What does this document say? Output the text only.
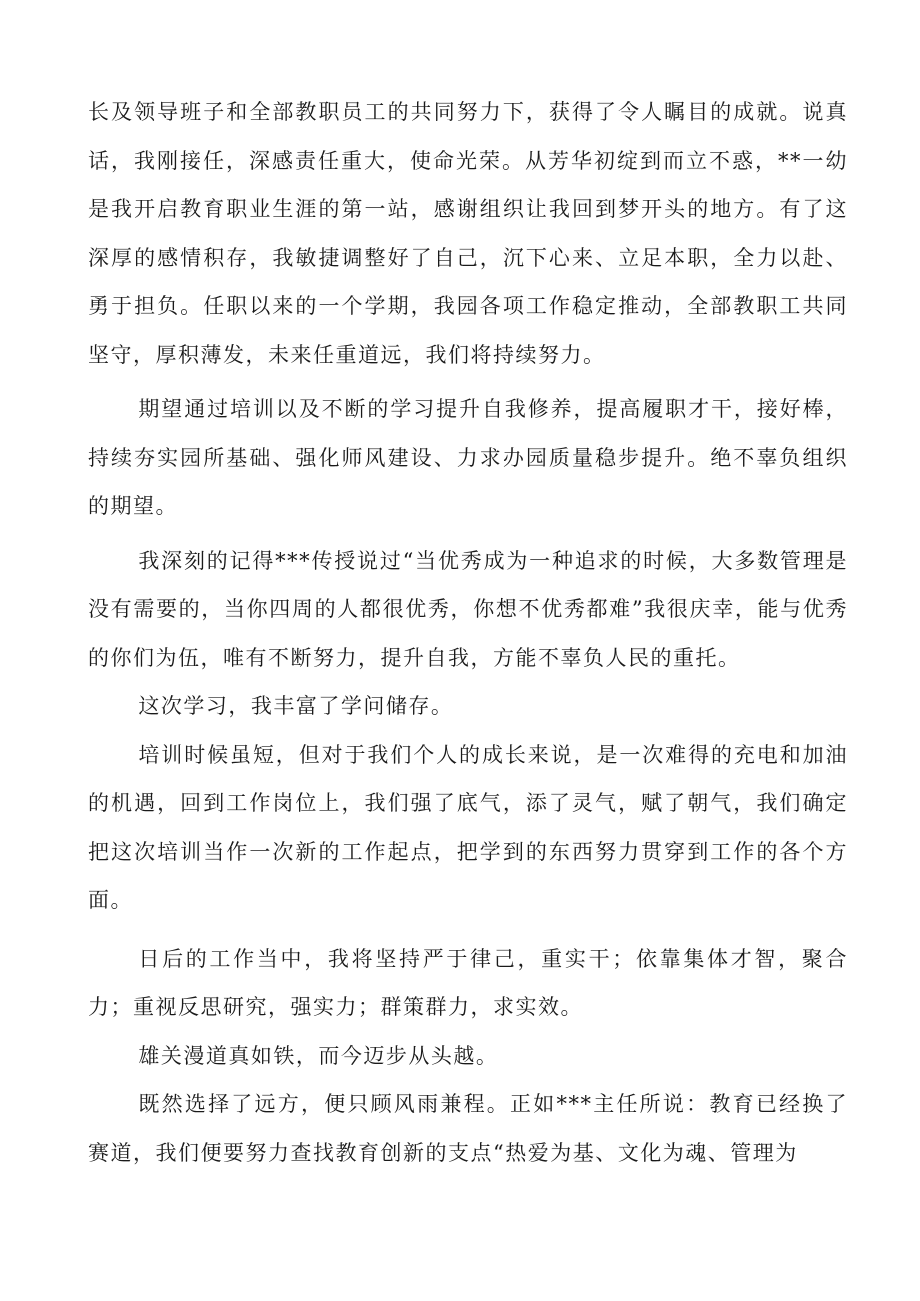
长及领导班子和全部教职员工的共同努力下，获得了令人瞩目的成就。说真话，我刚接任，深感责任重大，使命光荣。从芳华初绽到而立不惑，**一幼是我开启教育职业生涯的第一站，感谢组织让我回到梦开头的地方。有了这深厚的感情积存，我敏捷调整好了自己，沉下心来、立足本职，全力以赴、勇于担负。任职以来的一个学期，我园各项工作稳定推动，全部教职工共同坚守，厚积薄发，未来任重道远，我们将持续努力。

期望通过培训以及不断的学习提升自我修养，提高履职才干，接好棒，持续夯实园所基础、强化师风建设、力求办园质量稳步提升。绝不辜负组织的期望。

我深刻的记得***传授说过“当优秀成为一种追求的时候，大多数管理是没有需要的，当你四周的人都很优秀，你想不优秀都难”我很庆幸，能与优秀的你们为伍，唯有不断努力，提升自我，方能不辜负人民的重托。

这次学习，我丰富了学问储存。

培训时候虽短，但对于我们个人的成长来说，是一次难得的充电和加油的机遇，回到工作岗位上，我们强了底气，添了灵气，赋了朝气，我们确定把这次培训当作一次新的工作起点，把学到的东西努力贯穿到工作的各个方面。

日后的工作当中，我将坚持严于律己，重实干；依靠集体才智，聚合力；重视反思研究，强实力；群策群力，求实效。

雄关漫道真如铁，而今迈步从头越。

既然选择了远方，便只顾风雨兼程。正如***主任所说：教育已经换了赛道，我们便要努力查找教育创新的支点“热爱为基、文化为魂、管理为
